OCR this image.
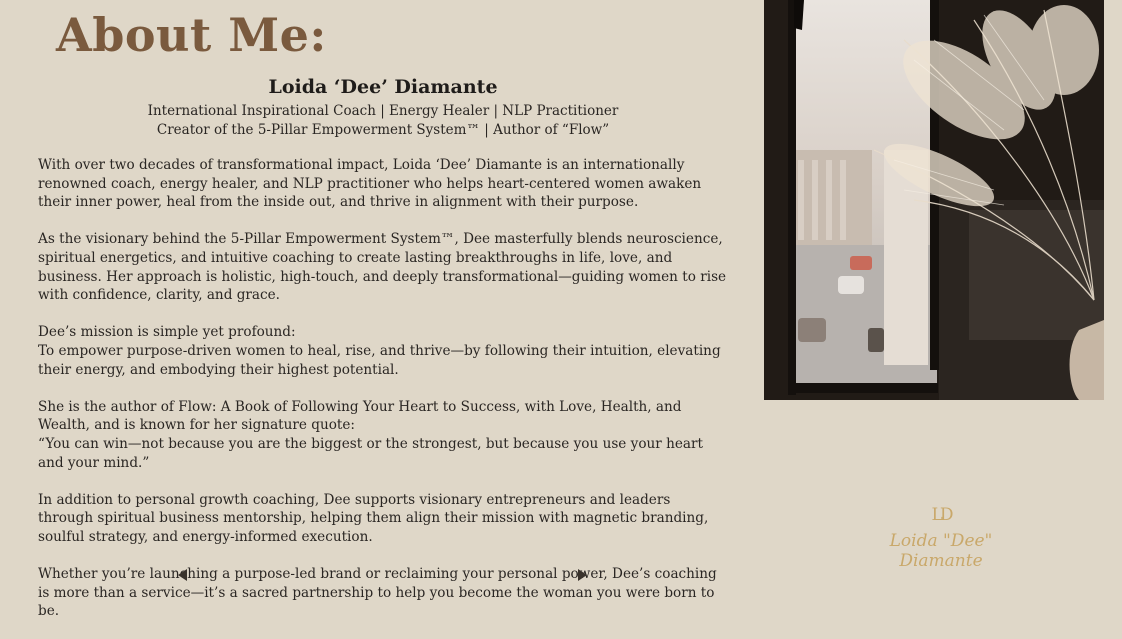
About Me:

Loida ‘Dee’ Diamante

International Inspirational Coach | Energy Healer | NLP Practitioner

Creator of the 5-Pillar Empowerment System™ | Author of “Flow”

With over two decades of transformational impact, Loida ‘Dee’ Diamante is an internationally renowned coach, energy healer, and NLP practitioner who helps heart-centered women awaken their inner power, heal from the inside out, and thrive in alignment with their purpose.

As the visionary behind the 5-Pillar Empowerment System™, Dee masterfully blends neuroscience, spiritual energetics, and intuitive coaching to create lasting breakthroughs in life, love, and business. Her approach is holistic, high-touch, and deeply transformational—guiding women to rise with confidence, clarity, and grace.

Dee’s mission is simple yet profound:
To empower purpose-driven women to heal, rise, and thrive—by following their intuition, elevating their energy, and embodying their highest potential.

She is the author of Flow: A Book of Following Your Heart to Success, with Love, Health, and Wealth, and is known for her signature quote:
“You can win—not because you are the biggest or the strongest, but because you use your heart and your mind.”

In addition to personal growth coaching, Dee supports visionary entrepreneurs and leaders through spiritual business mentorship, helping them align their mission with magnetic branding, soulful strategy, and energy-informed execution.

Whether you’re launching a purpose-led brand or reclaiming your personal power, Dee’s coaching is more than a service—it’s a sacred partnership to help you become the woman you were born to be.

LD
Loida "Dee" Diamante
